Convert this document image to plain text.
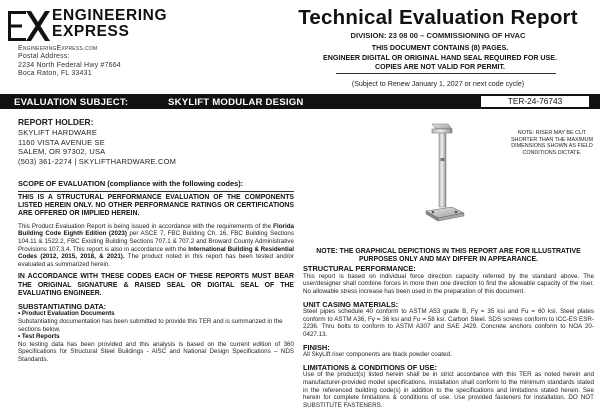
ENGINEERING
EXPRESS
EngineeringExpress.com
Postal Address:
2234 North Federal Hwy #7664
Boca Raton, FL 33431
Technical Evaluation Report
DIVISION: 23 08 00 – COMMISSIONING OF HVAC
THIS DOCUMENT CONTAINS (8) PAGES.
ENGINEER DIGITAL OR ORIGINAL HAND SEAL REQUIRED FOR USE.
COPIES ARE NOT VALID FOR PERMIT.
(Subject to Renew January 1, 2027 or next code cycle)
EVALUATION SUBJECT:	SKYLIFT MODULAR DESIGN	TER-24-76743
REPORT HOLDER:
SKYLIFT HARDWARE
1160 VISTA AVENUE SE
SALEM, OR 97302, USA
(503) 361-2274 | SKYLIFTHARDWARE.COM
NOTE: RISER MAY BE CUT SHORTER THAN THE MAXIMUM DIMENSIONS SHOWN AS FIELD CONDITIONS DICTATE.
SCOPE OF EVALUATION (compliance with the following codes):
THIS IS A STRUCTURAL PERFORMANCE EVALUATION OF THE COMPONENTS LISTED HEREIN ONLY. NO OTHER PERFORMANCE RATINGS OR CERTIFICATIONS ARE OFFERED OR IMPLIED HEREIN.
This Product Evaluation Report is being issued in accordance with the requirements of the Florida Building Code Eighth Edition (2023) per ASCE 7, FBC Building Ch. 16, FBC Building Sections 104.11 & 1522.2, FBC Existing Building Sections 707.1 & 707.2 and Broward County Administrative Provisions 107.3.4. This report is also in accordance with the International Building & Residential Codes (2012, 2015, 2018, & 2021). The product noted in this report has been tested and/or evaluated as summarized herein.
IN ACCORDANCE WITH THESE CODES EACH OF THESE REPORTS MUST BEAR THE ORIGINAL SIGNATURE & RAISED SEAL OR DIGITAL SEAL OF THE EVALUATING ENGINEER.
SUBSTANTIATING DATA:
• Product Evaluation Documents
Substantiating documentation has been submitted to provide this TER and is summarized in the sections below.
• Test Reports
No testing data has been provided and this analysis is based on the current edition of 360 Specifications for Structural Steel Buildings - AISC and National Design Specifications – NDS Standards.
NOTE: THE GRAPHICAL DEPICTIONS IN THIS REPORT ARE FOR ILLUSTRATIVE PURPOSES ONLY AND MAY DIFFER IN APPEARANCE.
STRUCTURAL PERFORMANCE:
This report is based on individual force direction capacity referred by the standard above. The user/designer shall combine forces in more then one direction to find the allowable capacity of the riser. No allowable stress increase has been used in the preparation of this document.
UNIT CASING MATERIALS:
Steel pipes schedule 40 conform to ASTM A53 grade B, Fy = 35 ksi and Fu = 60 ksi. Steel plates conform to ASTM A36, Fy = 36 ksi and Fu = 58 ksi. Carbon Steel. SDS screws conform to ICC-ES ESR-2236. Thru bolts to conform to ASTM A307 and SAE J429. Concrete anchors conform to NOA 20-0427.13.
FINISH:
All SkyLift riser components are black powder coated.
LIMITATIONS & CONDITIONS OF USE:
Use of the product(s) listed herein shall be in strict accordance with this TER as noted herein and manufacturer-provided model specifications. Installation shall conform to the minimum standards stated in the referenced building code(s) in addition to the specifications and limitations stated herein. See herein for complete limitations & conditions of use. Use provided fasteners for installation. DO NOT SUBSTITUTE FASTENERS.
